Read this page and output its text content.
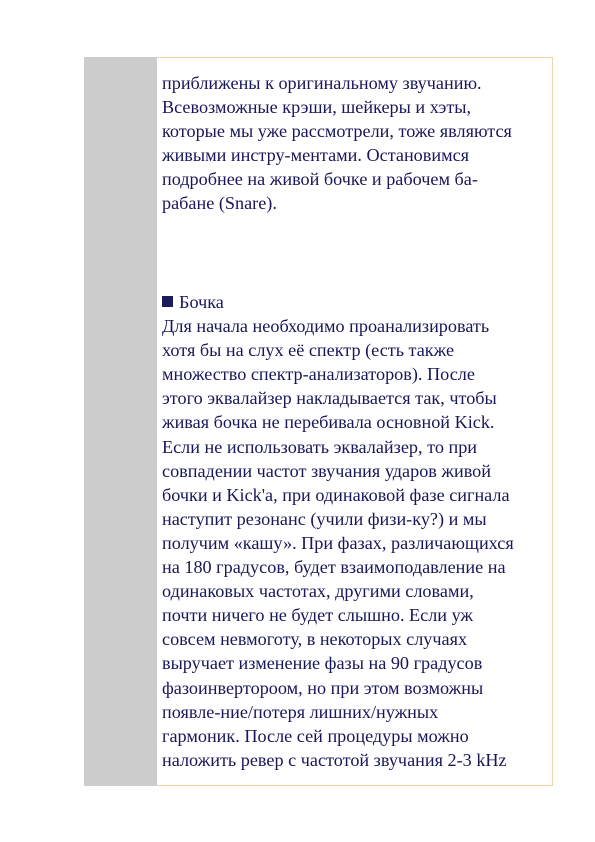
приближены к оригинальному звучанию.
Всевозможные крэши, шейкеры и хэты,
которые мы уже рассмотрели, тоже являются
живыми инстру-ментами. Остановимся
подробнее на живой бочке и рабочем ба-
рабане (Snare).
Бочка
Для начала необходимо проанализировать
хотя бы на слух её спектр (есть также
множество спектр-анализаторов). После
этого эквалайзер накладывается так, чтобы
живая бочка не перебивала основной Kick.
Если не использовать эквалайзер, то при
совпадении частот звучания ударов живой
бочки и Kick'а, при одинаковой фазе сигнала
наступит резонанс (учили физи-ку?) и мы
получим «кашу». При фазах, различающихся
на 180 градусов, будет взаимоподавление на
одинаковых частотах, другими словами,
почти ничего не будет слышно. Если уж
совсем невмоготу, в некоторых случаях
выручает изменение фазы на 90 градусов
фазоинвертороом, но при этом возможны
появле-ние/потеря лишних/нужных
гармоник. После сей процедуры можно
наложить ревер с частотой звучания 2-3 kHz
